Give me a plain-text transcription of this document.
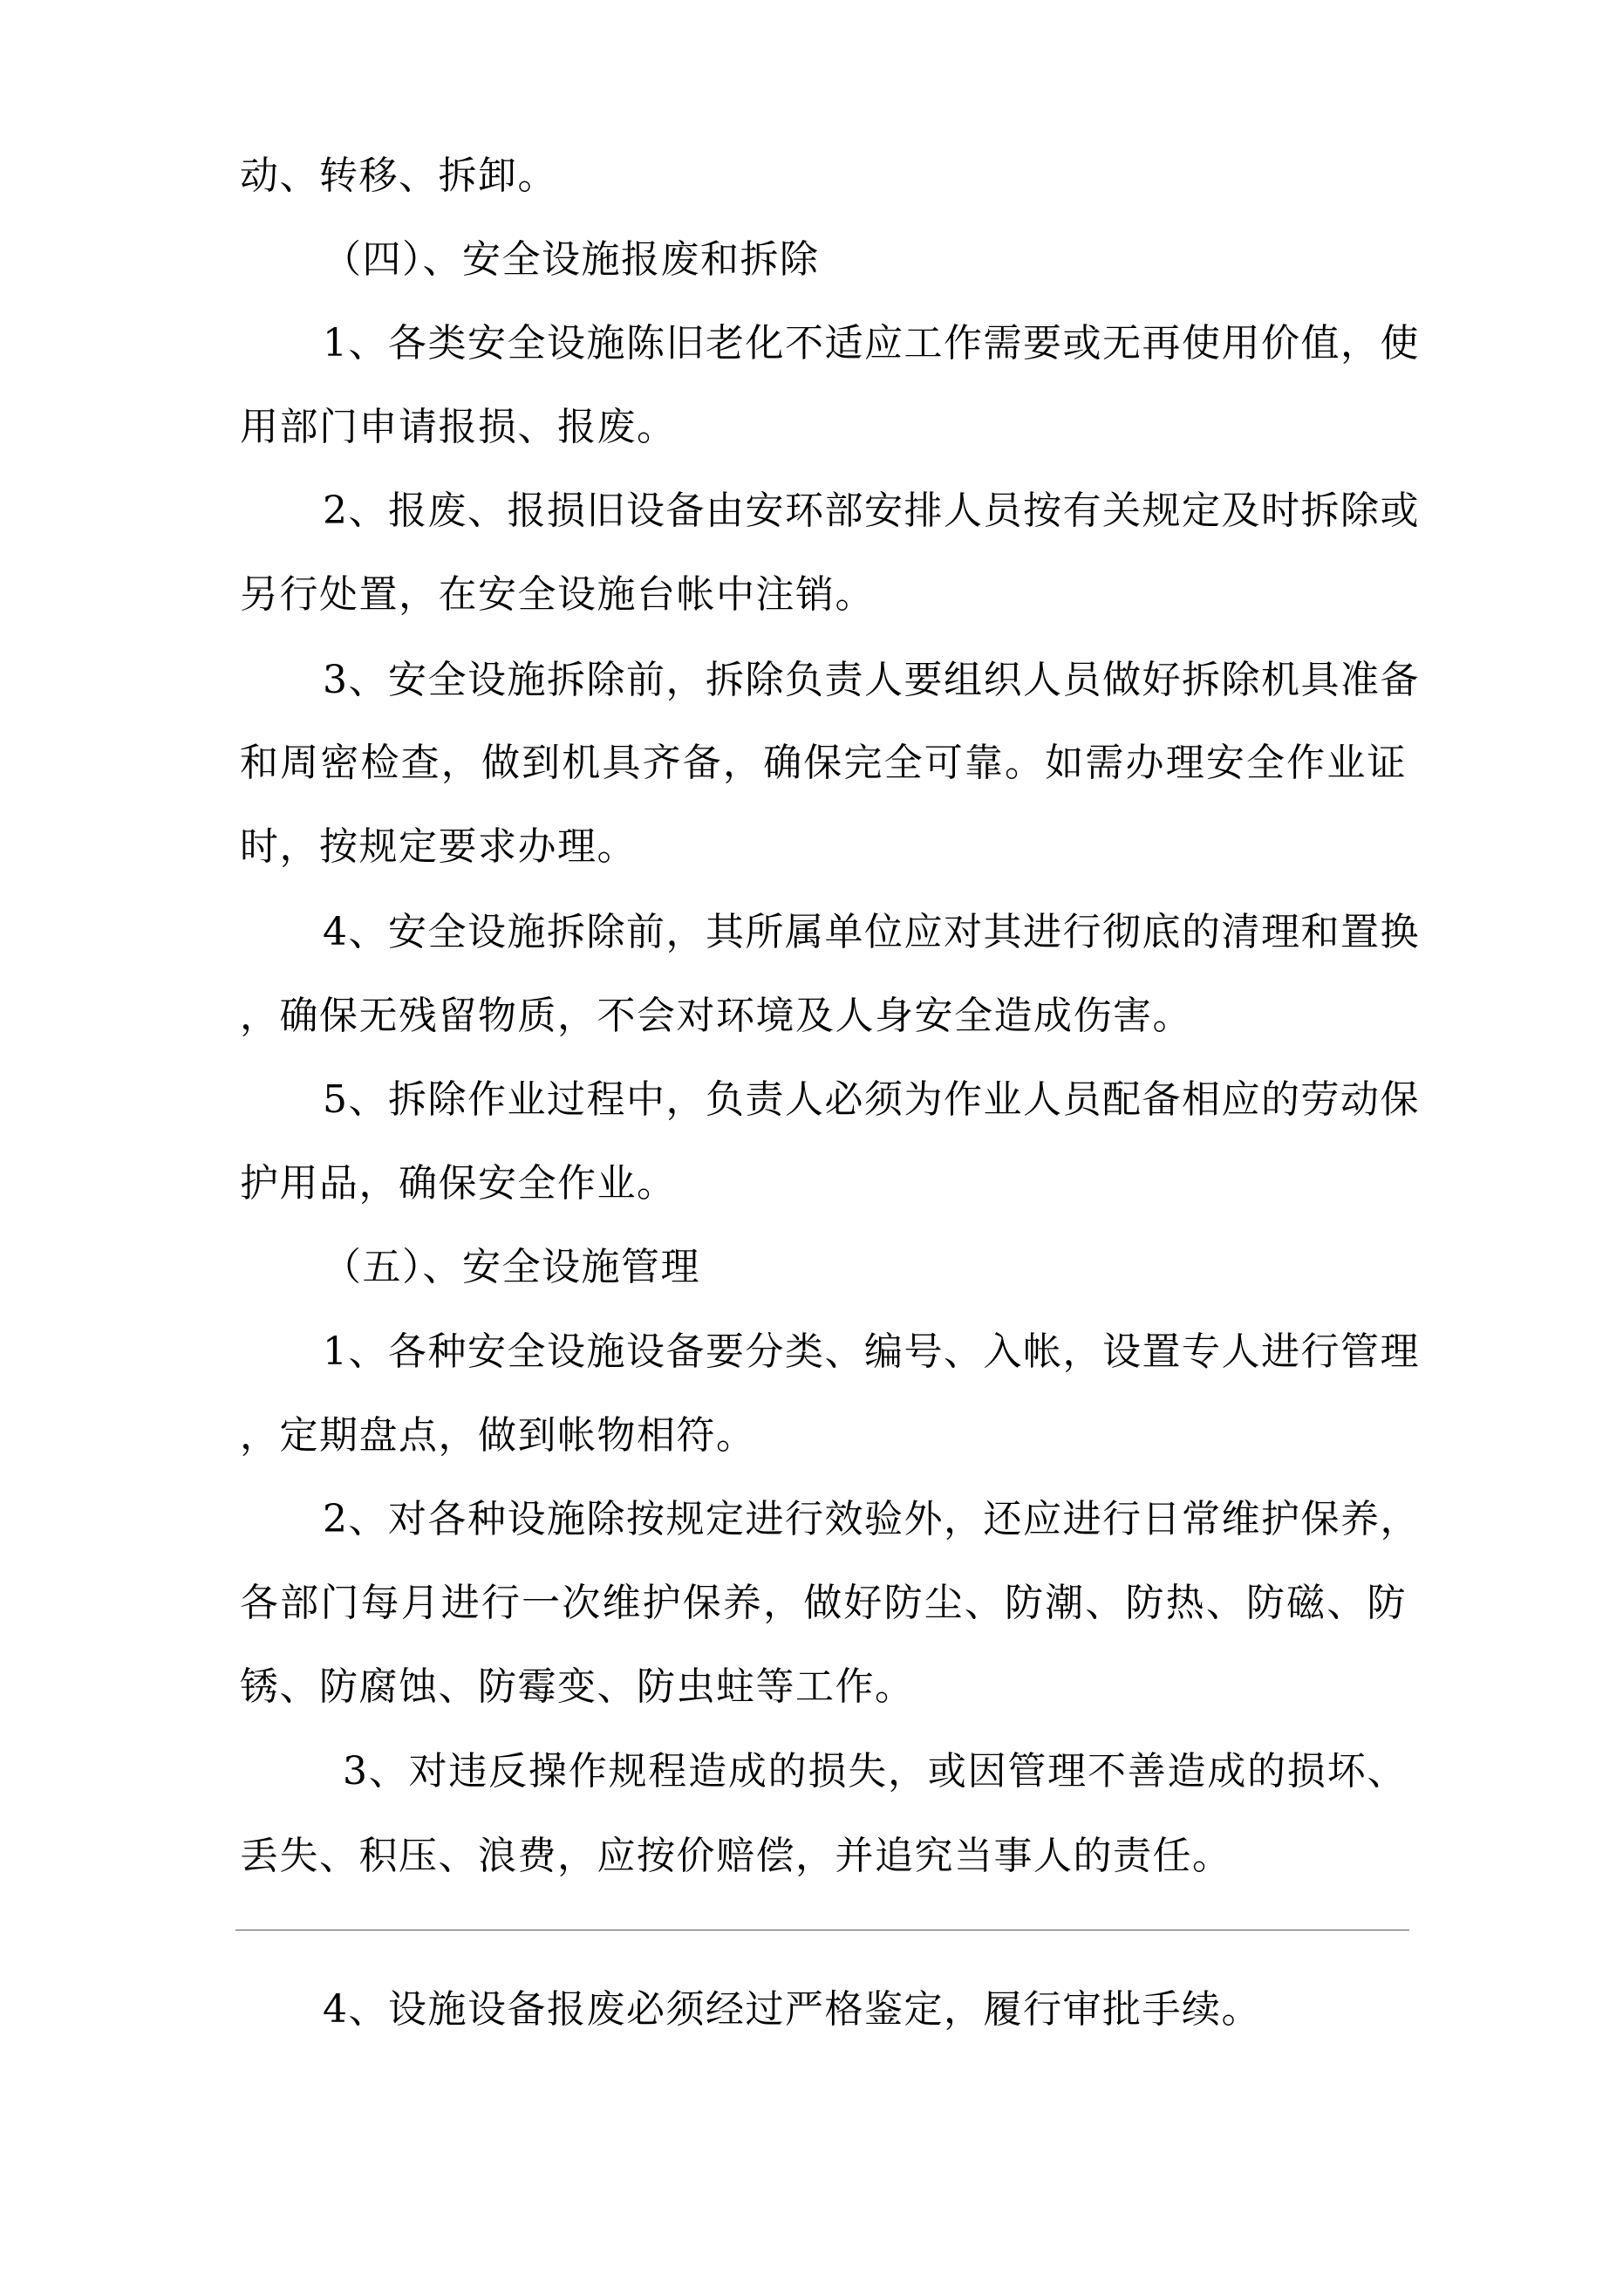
动、转移、拆卸。
（四）、安全设施报废和拆除
1、各类安全设施陈旧老化不适应工作需要或无再使用价值，使
用部门申请报损、报废。
2、报废、报损旧设备由安环部安排人员按有关规定及时拆除或
另行处置，在安全设施台帐中注销。
3、安全设施拆除前，拆除负责人要组织人员做好拆除机具准备
和周密检查，做到机具齐备，确保完全可靠。如需办理安全作业证
时，按规定要求办理。
4、安全设施拆除前，其所属单位应对其进行彻底的清理和置换
，确保无残留物质，不会对环境及人身安全造成伤害。
5、拆除作业过程中，负责人必须为作业人员配备相应的劳动保
护用品，确保安全作业。
（五）、安全设施管理
1、各种安全设施设备要分类、编号、入帐，设置专人进行管理
，定期盘点，做到帐物相符。
2、对各种设施除按规定进行效验外，还应进行日常维护保养，
各部门每月进行一次维护保养，做好防尘、防潮、防热、防磁、防
锈、防腐蚀、防霉变、防虫蛀等工作。
3、对违反操作规程造成的损失，或因管理不善造成的损坏、
丢失、积压、浪费，应按价赔偿，并追究当事人的责任。
4、设施设备报废必须经过严格鉴定，履行审批手续。
